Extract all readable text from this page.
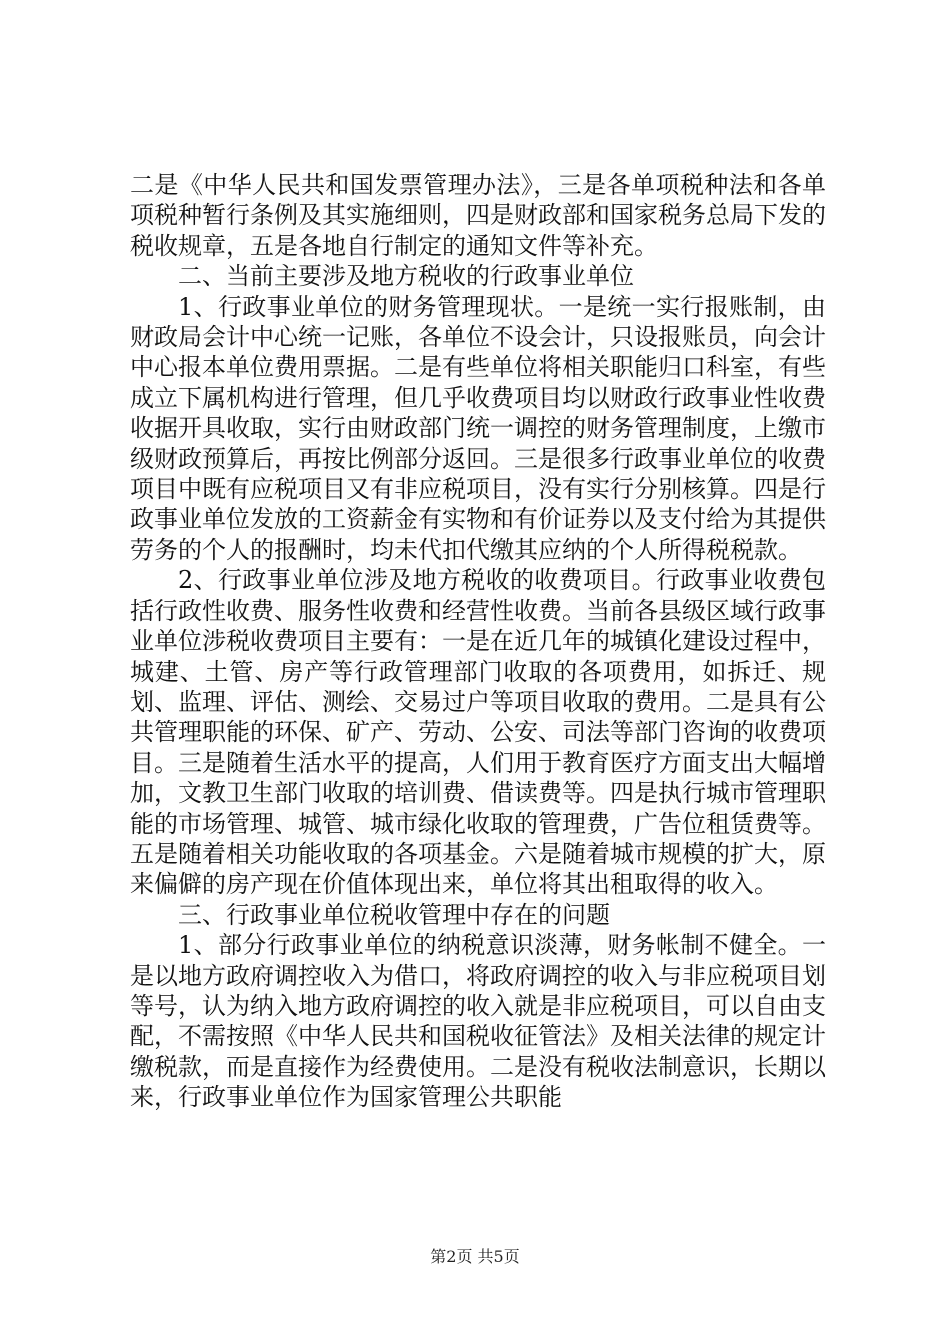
二是《中华人民共和国发票管理办法》，三是各单项税种法和各单项税种暂行条例及其实施细则，四是财政部和国家税务总局下发的税收规章，五是各地自行制定的通知文件等补充。

二、当前主要涉及地方税收的行政事业单位

1、行政事业单位的财务管理现状。一是统一实行报账制，由财政局会计中心统一记账，各单位不设会计，只设报账员，向会计中心报本单位费用票据。二是有些单位将相关职能归口科室，有些成立下属机构进行管理，但几乎收费项目均以财政行政事业性收费收据开具收取，实行由财政部门统一调控的财务管理制度，上缴市级财政预算后，再按比例部分返回。三是很多行政事业单位的收费项目中既有应税项目又有非应税项目，没有实行分别核算。四是行政事业单位发放的工资薪金有实物和有价证券以及支付给为其提供劳务的个人的报酬时，均未代扣代缴其应纳的个人所得税税款。

2、行政事业单位涉及地方税收的收费项目。行政事业收费包括行政性收费、服务性收费和经营性收费。当前各县级区域行政事业单位涉税收费项目主要有：一是在近几年的城镇化建设过程中，城建、土管、房产等行政管理部门收取的各项费用，如拆迁、规划、监理、评估、测绘、交易过户等项目收取的费用。二是具有公共管理职能的环保、矿产、劳动、公安、司法等部门咨询的收费项目。三是随着生活水平的提高，人们用于教育医疗方面支出大幅增加，文教卫生部门收取的培训费、借读费等。四是执行城市管理职能的市场管理、城管、城市绿化收取的管理费，广告位租赁费等。五是随着相关功能收取的各项基金。六是随着城市规模的扩大，原来偏僻的房产现在价值体现出来，单位将其出租取得的收入。

三、行政事业单位税收管理中存在的问题

1、部分行政事业单位的纳税意识淡薄，财务帐制不健全。一是以地方政府调控收入为借口，将政府调控的收入与非应税项目划等号，认为纳入地方政府调控的收入就是非应税项目，可以自由支配，不需按照《中华人民共和国税收征管法》及相关法律的规定计缴税款，而是直接作为经费使用。二是没有税收法制意识，长期以来，行政事业单位作为国家管理公共职能

第2页 共5页
